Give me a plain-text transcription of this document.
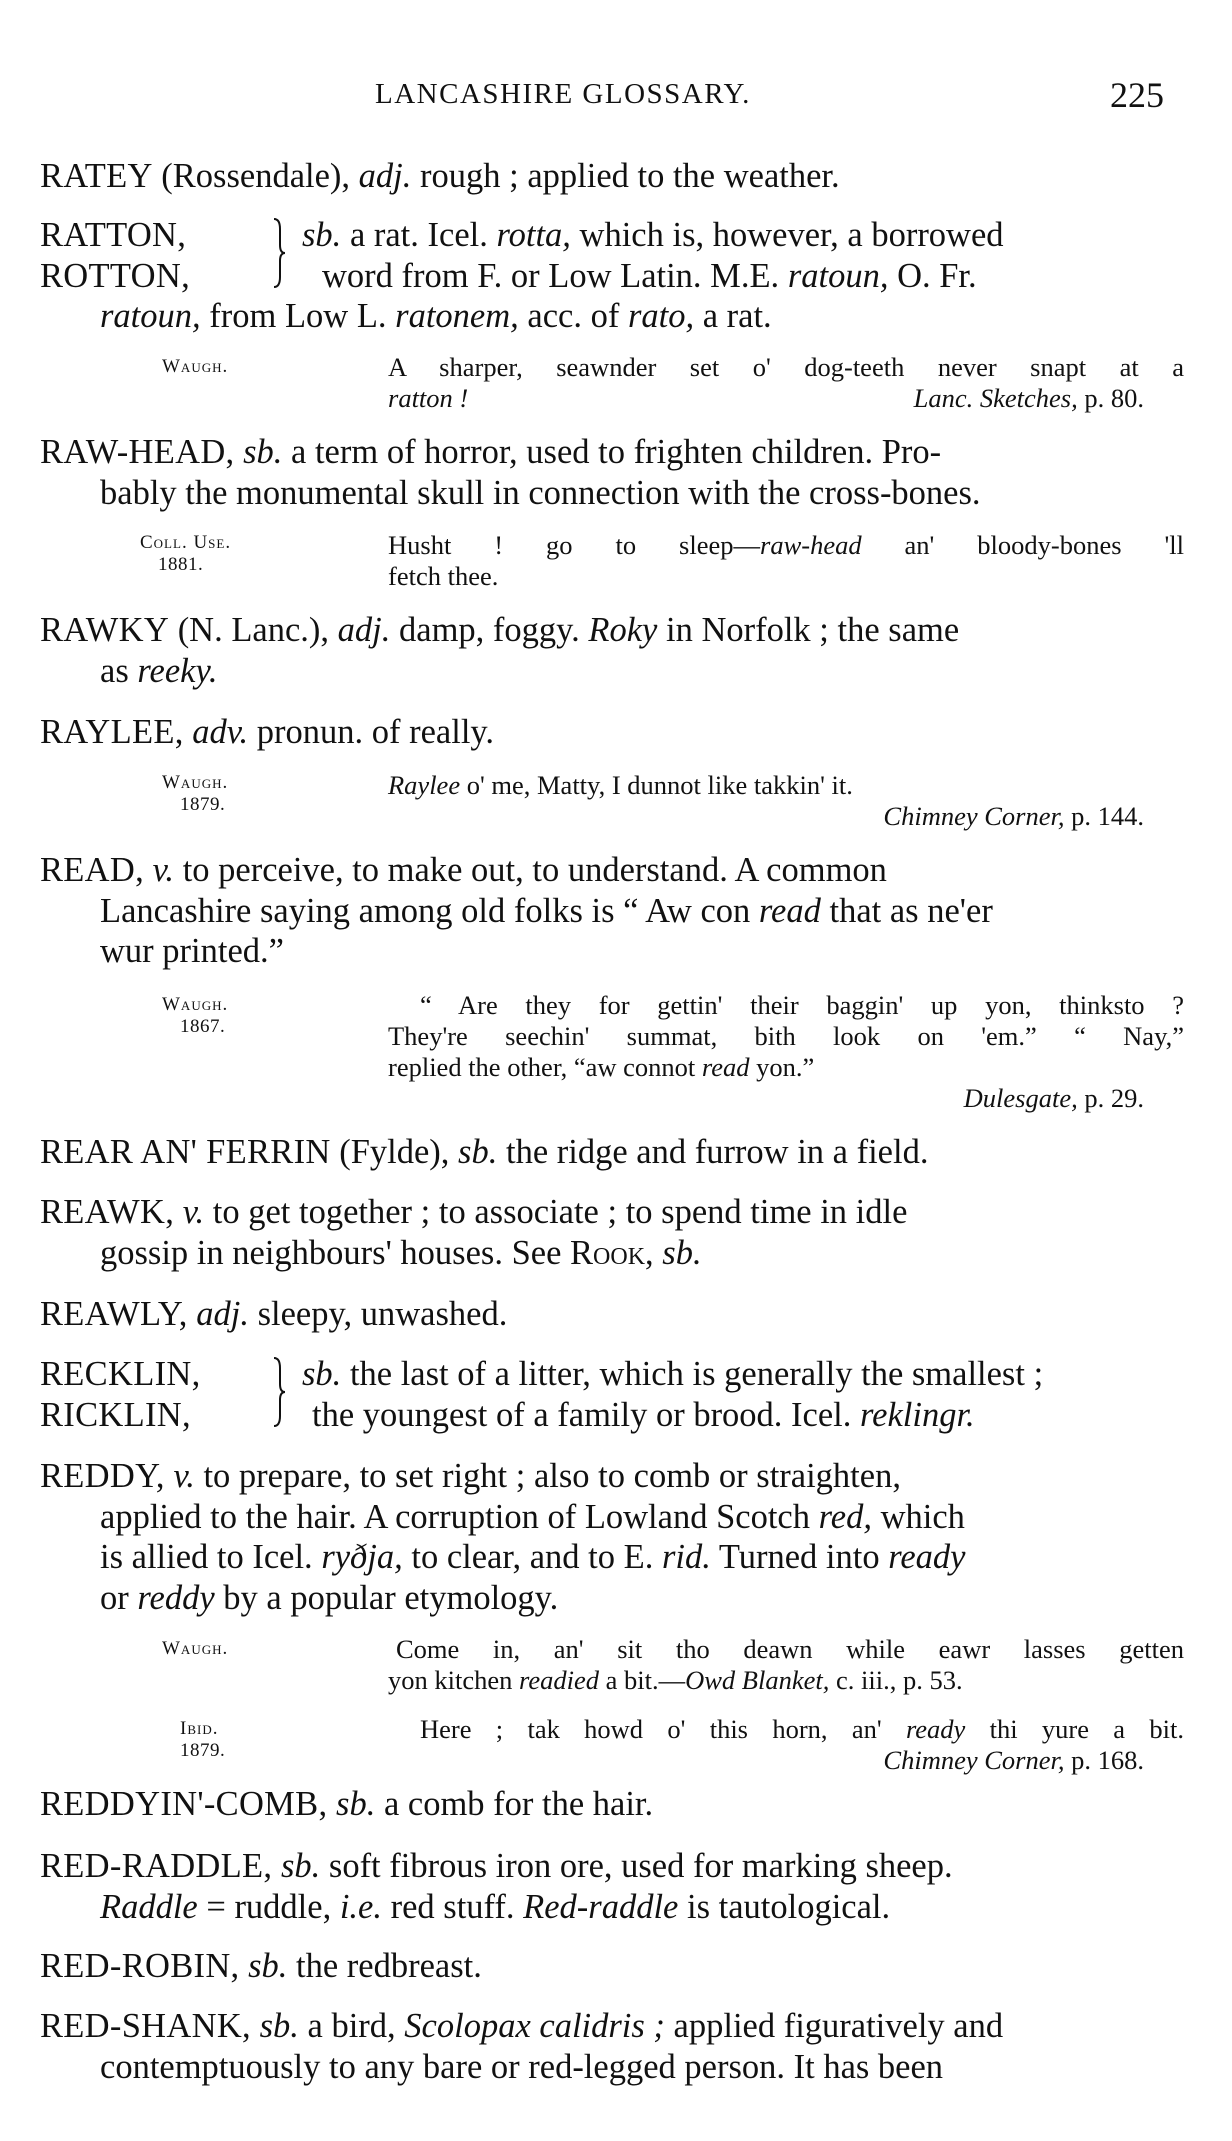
LANCASHIRE GLOSSARY.	225
RATEY (Rossendale), adj. rough ; applied to the weather.
RATTON,
ROTTON,
sb. a rat. Icel. rotta, which is, however, a borrowed
word from F. or Low Latin. M.E. ratoun, O. Fr.
ratoun, from Low L. ratonem, acc. of rato, a rat.
Waugh.	A sharper, seawnder set o' dog-teeth never snapt at a
ratton !	Lanc. Sketches, p. 80.
RAW-HEAD, sb. a term of horror, used to frighten children. Pro-
bably the monumental skull in connection with the cross-bones.
Coll. Use.
1881.
Husht ! go to sleep—raw-head an' bloody-bones 'll
fetch thee.
RAWKY (N. Lanc.), adj. damp, foggy. Roky in Norfolk ; the same
as reeky.
RAYLEE, adv. pronun. of really.
Waugh.
1879.
Raylee o' me, Matty, I dunnot like takkin' it.
Chimney Corner, p. 144.
READ, v. to perceive, to make out, to understand. A common
Lancashire saying among old folks is “ Aw con read that as ne'er
wur printed.”
Waugh.
1867.
“ Are they for gettin' their baggin' up yon, thinksto ?
They're seechin' summat, bith look on 'em.” “ Nay,”
replied the other, “aw connot read yon.”
Dulesgate, p. 29.
REAR AN' FERRIN (Fylde), sb. the ridge and furrow in a field.
REAWK, v. to get together ; to associate ; to spend time in idle
gossip in neighbours' houses. See Rook, sb.
REAWLY, adj. sleepy, unwashed.
RECKLIN,
RICKLIN,
sb. the last of a litter, which is generally the smallest ;
the youngest of a family or brood. Icel. reklingr.
REDDY, v. to prepare, to set right ; also to comb or straighten,
applied to the hair. A corruption of Lowland Scotch red, which
is allied to Icel. ryðja, to clear, and to E. rid. Turned into ready
or reddy by a popular etymology.
Waugh.	Come in, an' sit tho deawn while eawr lasses getten
yon kitchen readied a bit.—Owd Blanket, c. iii., p. 53.
Ibid.
1879.
Here ; tak howd o' this horn, an' ready thi yure a bit.
Chimney Corner, p. 168.
REDDYIN'-COMB, sb. a comb for the hair.
RED-RADDLE, sb. soft fibrous iron ore, used for marking sheep.
Raddle = ruddle, i.e. red stuff. Red-raddle is tautological.
RED-ROBIN, sb. the redbreast.
RED-SHANK, sb. a bird, Scolopax calidris ; applied figuratively and
contemptuously to any bare or red-legged person. It has been
